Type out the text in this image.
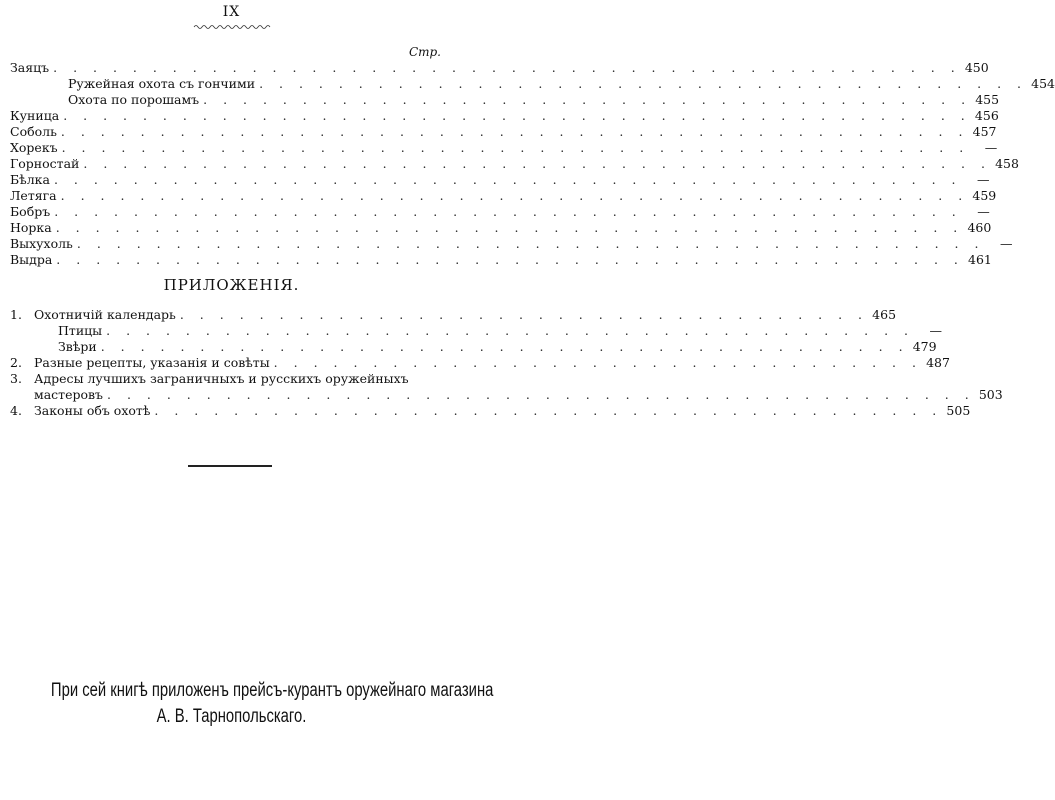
IX
Стр.
Заяцъ . . . . . . . . . . . . . . . . . . . . . . . . . . . . . . . . . . . . . . . . . . . . . . 450
Ружейная охота съ гончими . . . . . . . . . . . . . . . . . . . . . . . . . . . . . . . . . . . . . . . 454
Охота по порошамъ . . . . . . . . . . . . . . . . . . . . . . . . . . . . . . . . . . . . . . . 455
Куница . . . . . . . . . . . . . . . . . . . . . . . . . . . . . . . . . . . . . . . . . . . . . . 456
Соболь . . . . . . . . . . . . . . . . . . . . . . . . . . . . . . . . . . . . . . . . . . . . . . 457
Хорекъ . . . . . . . . . . . . . . . . . . . . . . . . . . . . . . . . . . . . . . . . . . . . . .	—
Горностай . . . . . . . . . . . . . . . . . . . . . . . . . . . . . . . . . . . . . . . . . . . . . . 458
Бѣлка . . . . . . . . . . . . . . . . . . . . . . . . . . . . . . . . . . . . . . . . . . . . . .	—
Летяга . . . . . . . . . . . . . . . . . . . . . . . . . . . . . . . . . . . . . . . . . . . . . . 459
Бобръ . . . . . . . . . . . . . . . . . . . . . . . . . . . . . . . . . . . . . . . . . . . . . .	—
Норка . . . . . . . . . . . . . . . . . . . . . . . . . . . . . . . . . . . . . . . . . . . . . . 460
Выхухоль . . . . . . . . . . . . . . . . . . . . . . . . . . . . . . . . . . . . . . . . . . . . . .	—
Выдра . . . . . . . . . . . . . . . . . . . . . . . . . . . . . . . . . . . . . . . . . . . . . . 461
ПРИЛОЖЕНІЯ.
1. Охотничій календарь . . . . . . . . . . . . . . . . . . . . . . . . . . . . . . . . . . . 465
Птицы . . . . . . . . . . . . . . . . . . . . . . . . . . . . . . . . . . . . . . . . .	—
Звѣри . . . . . . . . . . . . . . . . . . . . . . . . . . . . . . . . . . . . . . . . . 479
2. Разные рецепты, указанія и совѣты . . . . . . . . . . . . . . . . . . . . . . . . . . . . . . . . . 487
3. Адресы лучшихъ заграничныхъ и русскихъ оружейныхъ
мастеровъ . . . . . . . . . . . . . . . . . . . . . . . . . . . . . . . . . . . . . . . . . . . . 503
4. Законы объ охотѣ . . . . . . . . . . . . . . . . . . . . . . . . . . . . . . . . . . . . . . . . 505
При сей книгѣ приложенъ прейсъ-курантъ оружейнаго магазина
А. В. Тарнопольскаго.
